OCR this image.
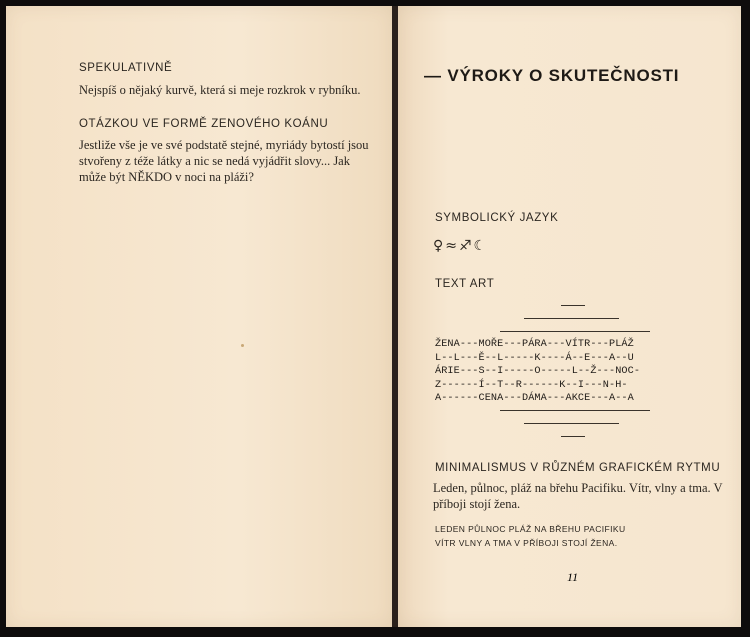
SPEKULATIVNĚ
Nejspíš o nějaký kurvě, která si meje rozkrok v rybníku.
OTÁZKOU VE FORMĚ ZENOVÉHO KOÁNU
Jestliže vše je ve své podstatě stejné, myriády bytostí jsou stvořeny z téže látky a nic se nedá vyjádřit slovy... Jak může být NĚKDO v noci na pláži?
— VÝROKY O SKUTEČNOSTI
SYMBOLICKÝ JAZYK
♀≈♐☾
TEXT ART
ŽENA---MOŘE---PÁRA---VÍTR---PLÁŽ
L--L---Ě--L-----K----Á--E---A--U
ÁRIE---S--I-----O-----L--Ž---NOC-
Z------Í--T--R------K--I---N-H-
A------CENA---DÁMA---AKCE---A--A
MINIMALISMUS V RŮZNÉM GRAFICKÉM RYTMU
Leden, půlnoc, pláž na břehu Pacifiku. Vítr, vlny a tma. V příboji stojí žena.
LEDEN PŮLNOC PLÁŽ NA BŘEHU PACIFIKU
VÍTR VLNY A TMA V PŘÍBOJI STOJÍ ŽENA.
11
